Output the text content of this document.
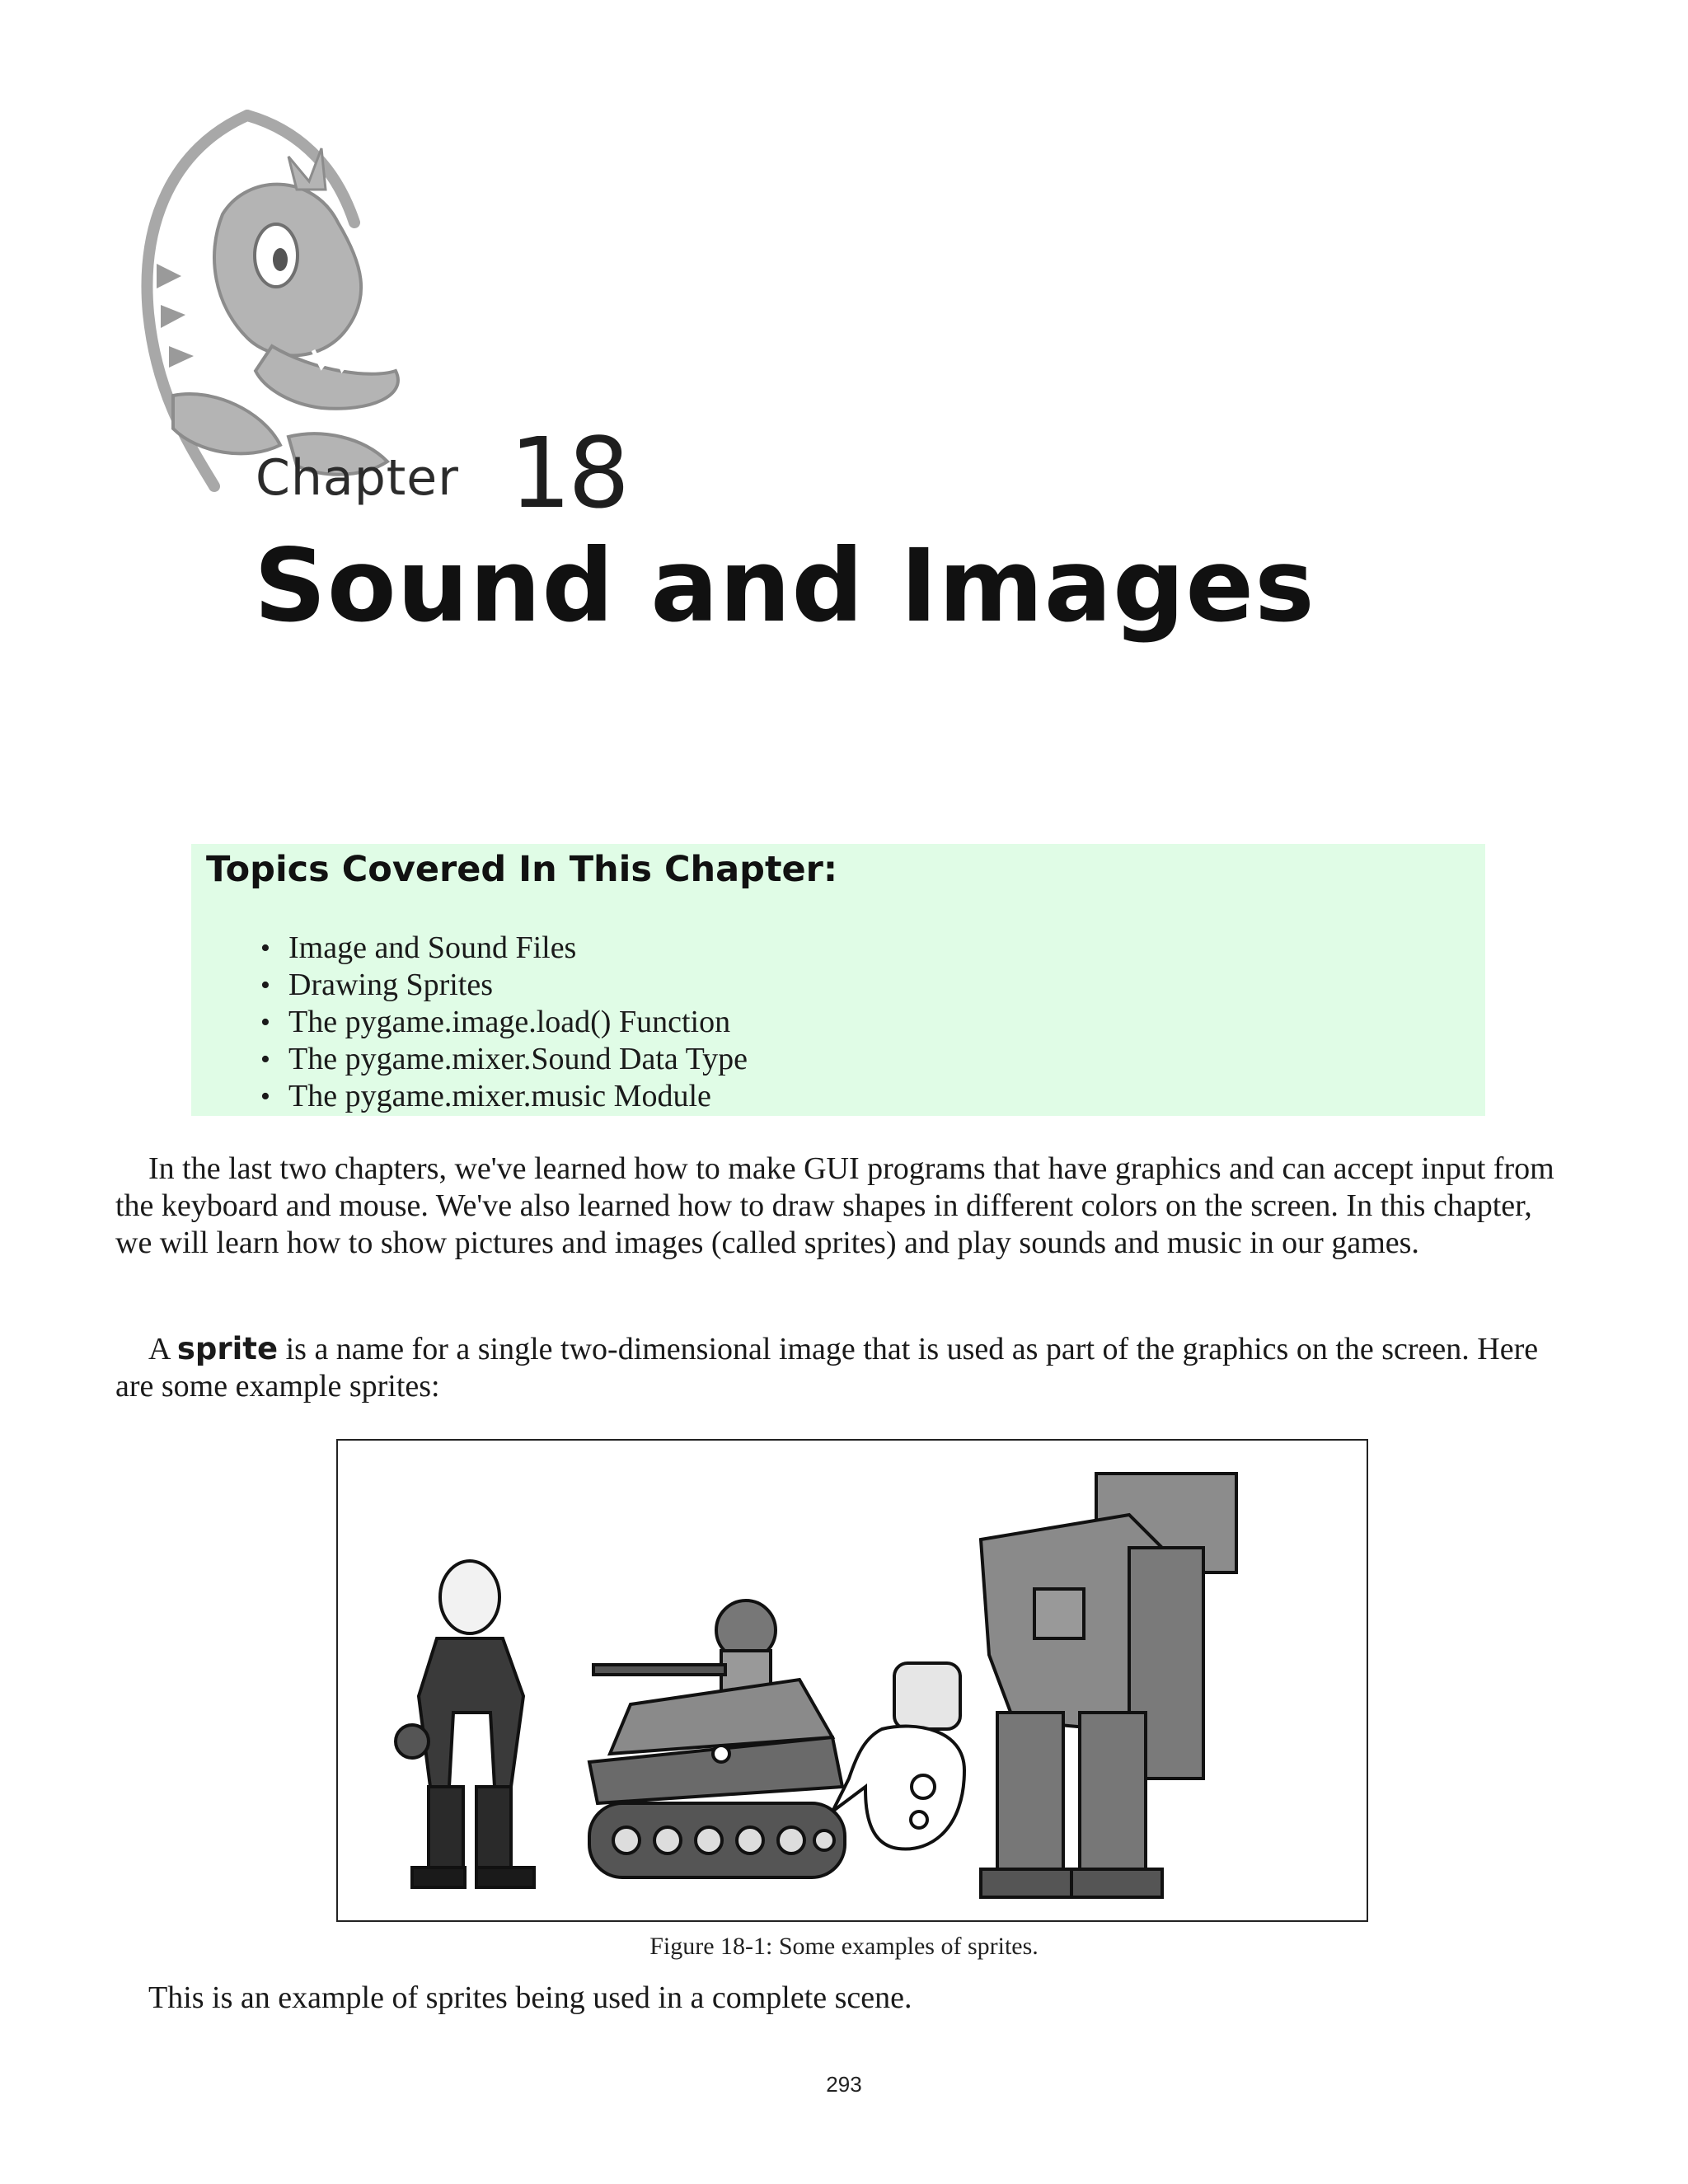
Chapter 18
Sound and Images
Topics Covered In This Chapter:
• Image and Sound Files
• Drawing Sprites
• The pygame.image.load() Function
• The pygame.mixer.Sound Data Type
• The pygame.mixer.music Module

In the last two chapters, we've learned how to make GUI programs that have graphics and can accept input from the keyboard and mouse. We've also learned how to draw shapes in different colors on the screen. In this chapter, we will learn how to show pictures and images (called sprites) and play sounds and music in our games.

A sprite is a name for a single two-dimensional image that is used as part of the graphics on the screen. Here are some example sprites:

Figure 18-1: Some examples of sprites.

This is an example of sprites being used in a complete scene.

293
